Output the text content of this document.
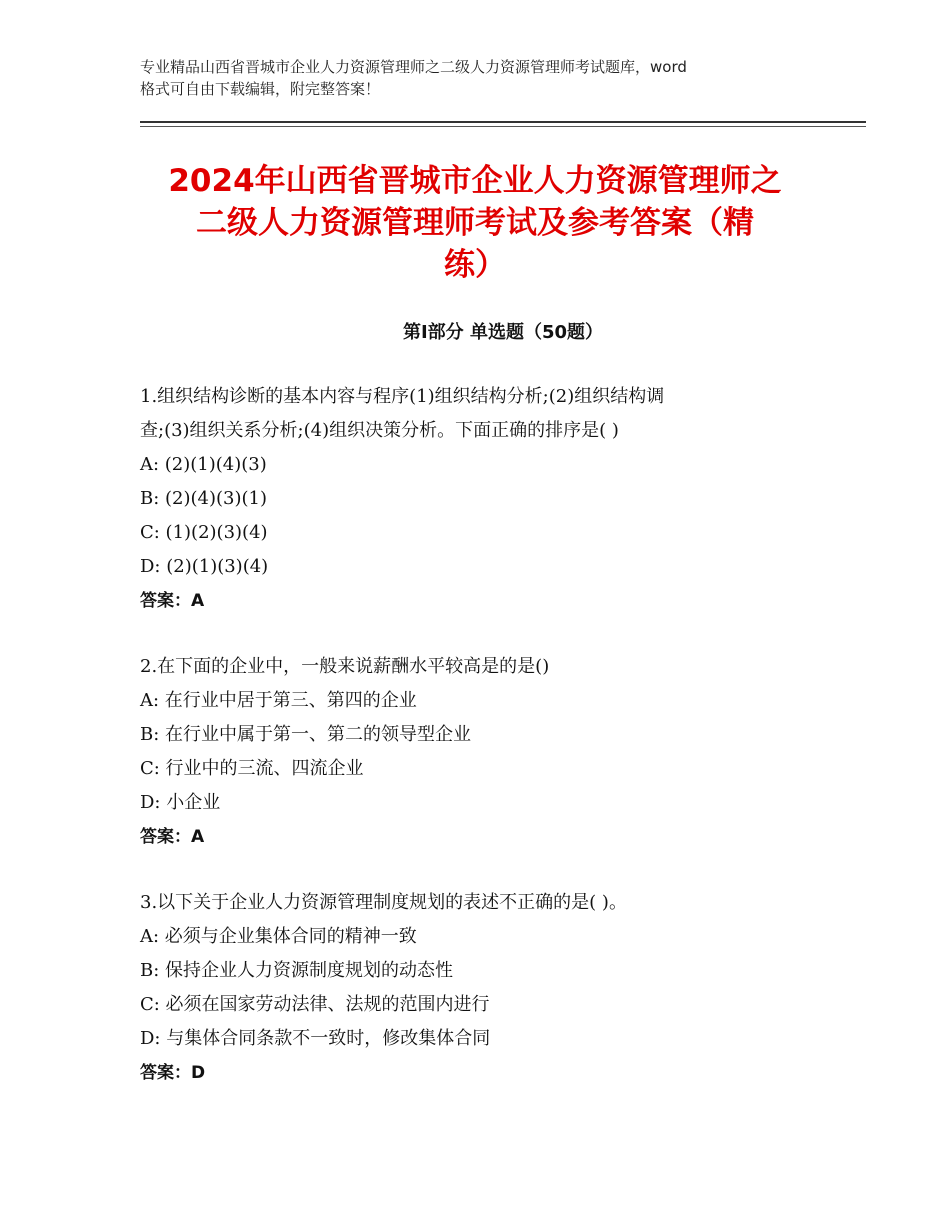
专业精品山西省晋城市企业人力资源管理师之二级人力资源管理师考试题库，word
格式可自由下载编辑，附完整答案！
2024年山西省晋城市企业人力资源管理师之
二级人力资源管理师考试及参考答案（精
练）
第Ⅰ部分 单选题（50题）
1.组织结构诊断的基本内容与程序(1)组织结构分析;(2)组织结构调
查;(3)组织关系分析;(4)组织决策分析。下面正确的排序是( )
A: (2)(1)(4)(3)
B: (2)(4)(3)(1)
C: (1)(2)(3)(4)
D: (2)(1)(3)(4)
答案：A
2.在下面的企业中，一般来说薪酬水平较高是的是()
A: 在行业中居于第三、第四的企业
B: 在行业中属于第一、第二的领导型企业
C: 行业中的三流、四流企业
D: 小企业
答案：A
3.以下关于企业人力资源管理制度规划的表述不正确的是( )。
A: 必须与企业集体合同的精神一致
B: 保持企业人力资源制度规划的动态性
C: 必须在国家劳动法律、法规的范围内进行
D: 与集体合同条款不一致时，修改集体合同
答案：D
